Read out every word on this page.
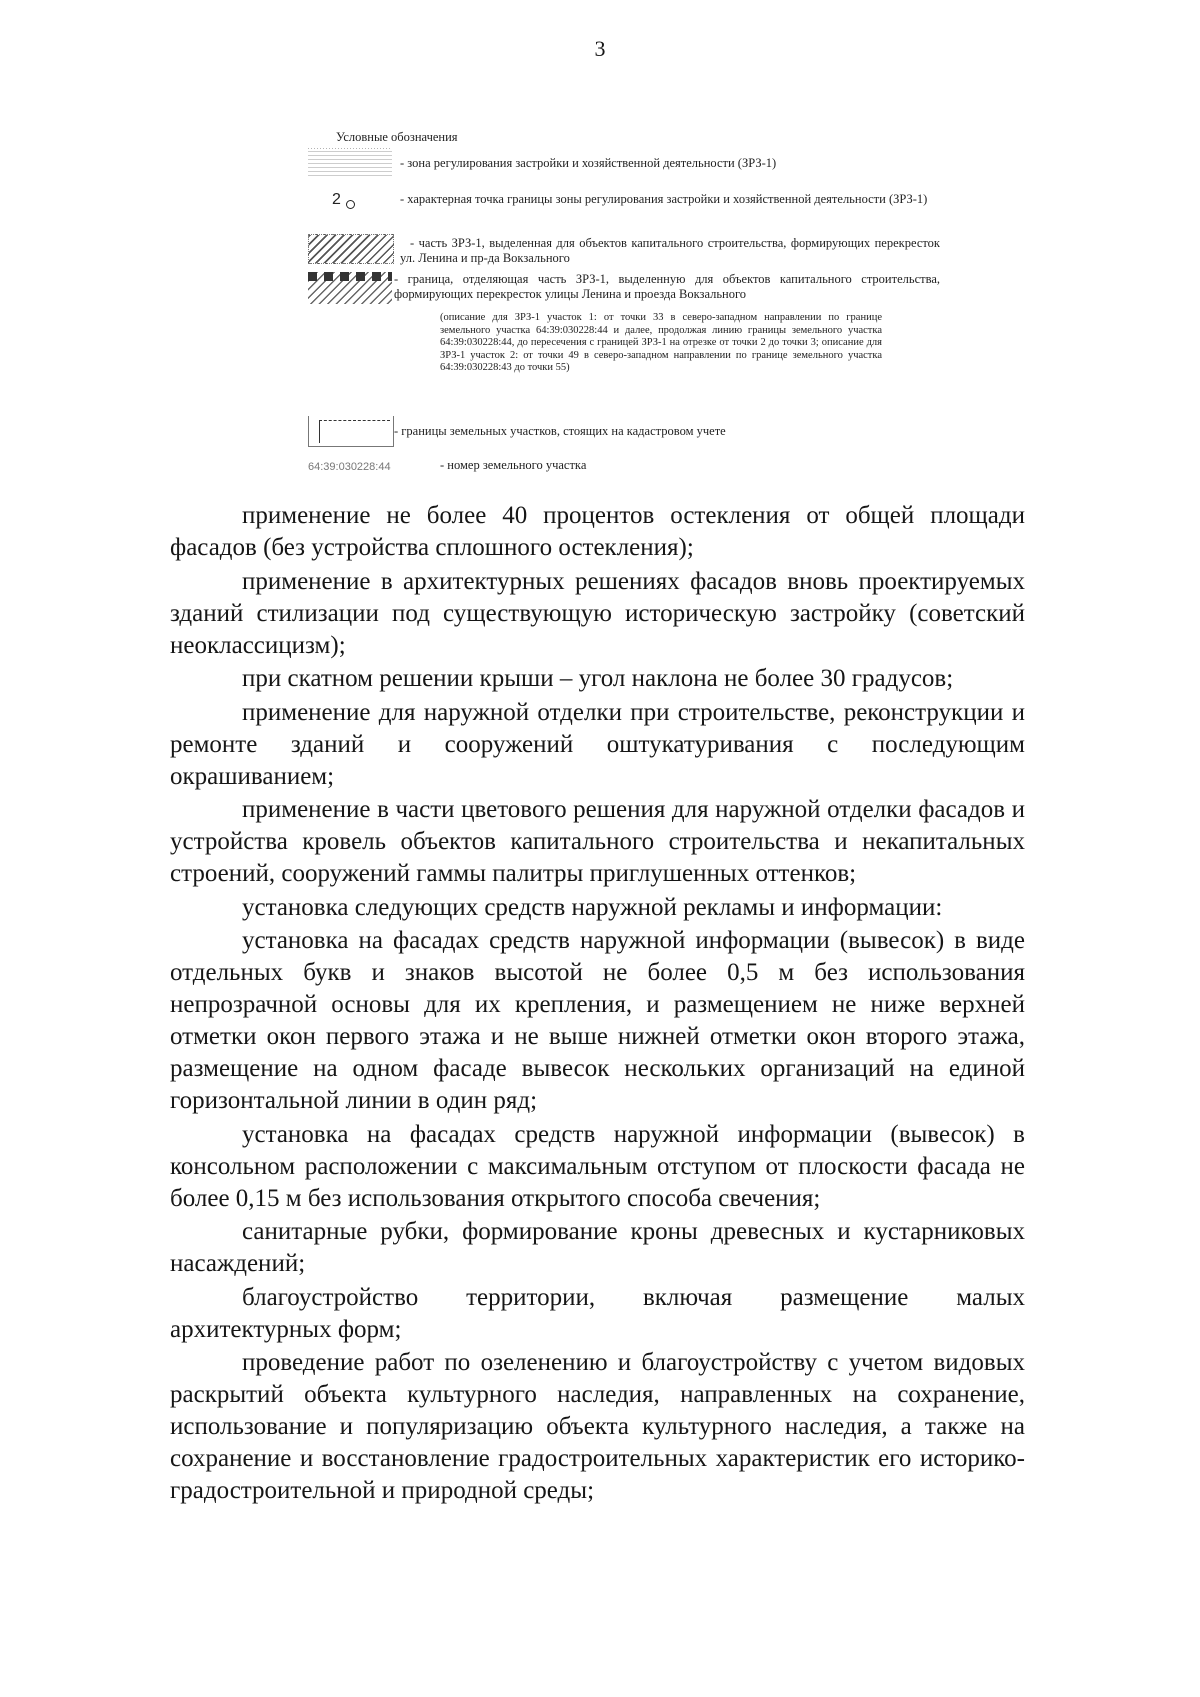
3
Условные обозначения
- зона регулирования застройки и хозяйственной деятельности (ЗРЗ-1)
2	- характерная точка границы зоны регулирования застройки и хозяйственной деятельности (ЗРЗ-1)
- часть ЗРЗ-1, выделенная для объектов капитального строительства, формирующих перекресток ул. Ленина и пр-да Вокзального
- граница, отделяющая часть ЗРЗ-1, выделенную для объектов капитального строительства, формирующих перекресток улицы Ленина и проезда Вокзального
(описание для ЗРЗ-1 участок 1: от точки 33 в северо-западном направлении по границе земельного участка 64:39:030228:44 и далее, продолжая линию границы земельного участка 64:39:030228:44, до пересечения с границей ЗРЗ-1 на отрезке от точки 2 до точки 3; описание для ЗРЗ-1 участок 2: от точки 49 в северо-западном направлении по границе земельного участка 64:39:030228:43 до точки 55)
- границы земельных участков, стоящих на кадастровом учете
64:39:030228:44	- номер земельного участка

применение не более 40 процентов остекления от общей площади фасадов (без устройства сплошного остекления);

применение в архитектурных решениях фасадов вновь проектируемых зданий стилизации под существующую историческую застройку (советский неоклассицизм);

при скатном решении крыши – угол наклона не более 30 градусов;

применение для наружной отделки при строительстве, реконструкции и ремонте зданий и сооружений оштукатуривания с последующим окрашиванием;

применение в части цветового решения для наружной отделки фасадов и устройства кровель объектов капитального строительства и некапитальных строений, сооружений гаммы палитры приглушенных оттенков;

установка следующих средств наружной рекламы и информации:

установка на фасадах средств наружной информации (вывесок) в виде отдельных букв и знаков высотой не более 0,5 м без использования непрозрачной основы для их крепления, и размещением не ниже верхней отметки окон первого этажа и не выше нижней отметки окон второго этажа, размещение на одном фасаде вывесок нескольких организаций на единой горизонтальной линии в один ряд;

установка на фасадах средств наружной информации (вывесок) в консольном расположении с максимальным отступом от плоскости фасада не более 0,15 м без использования открытого способа свечения;

санитарные рубки, формирование кроны древесных и кустарниковых насаждений;

благоустройство территории, включая размещение малых архитектурных форм;

проведение работ по озеленению и благоустройству с учетом видовых раскрытий объекта культурного наследия, направленных на сохранение, использование и популяризацию объекта культурного наследия, а также на сохранение и восстановление градостроительных характеристик его историко-градостроительной и природной среды;
